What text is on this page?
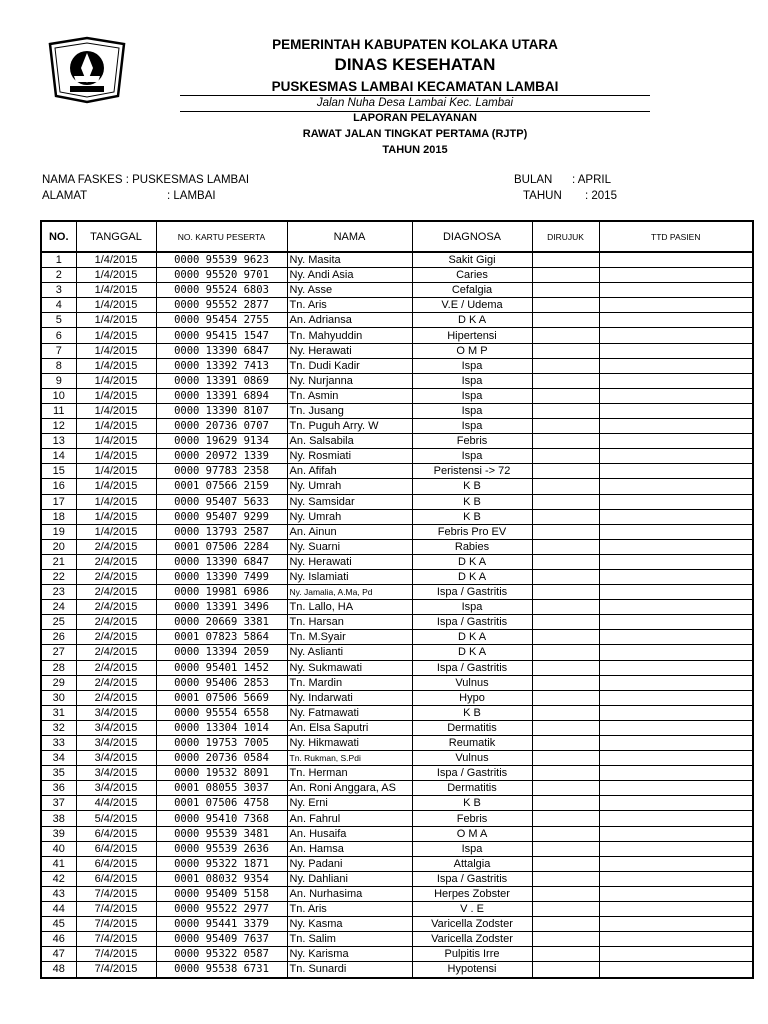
PEMERINTAH KABUPATEN KOLAKA UTARA
DINAS KESEHATAN
PUSKESMAS LAMBAI KECAMATAN LAMBAI
Jalan Nuha Desa Lambai Kec. Lambai
LAPORAN PELAYANAN
RAWAT JALAN TINGKAT PERTAMA (RJTP)
TAHUN 2015
NAMA FASKES : PUSKESMAS LAMBAI
ALAMAT	: LAMBAI
BULAN : APRIL
TAHUN : 2015
NO.	TANGGAL	NO. KARTU PESERTA	NAMA	DIAGNOSA	DIRUJUK	TTD PASIEN
1	1/4/2015	0000 95539 9623	Ny. Masita	Sakit Gigi		
2	1/4/2015	0000 95520 9701	Ny. Andi Asia	Caries		
3	1/4/2015	0000 95524 6803	Ny. Asse	Cefalgia		
4	1/4/2015	0000 95552 2877	Tn. Aris	V.E / Udema		
5	1/4/2015	0000 95454 2755	An. Adriansa	D K A		
6	1/4/2015	0000 95415 1547	Tn. Mahyuddin	Hipertensi		
7	1/4/2015	0000 13390 6847	Ny. Herawati	O M P		
8	1/4/2015	0000 13392 7413	Tn. Dudi Kadir	Ispa		
9	1/4/2015	0000 13391 0869	Ny. Nurjanna	Ispa		
10	1/4/2015	0000 13391 6894	Tn. Asmin	Ispa		
11	1/4/2015	0000 13390 8107	Tn. Jusang	Ispa		
12	1/4/2015	0000 20736 0707	Tn. Puguh Arry. W	Ispa		
13	1/4/2015	0000 19629 9134	An. Salsabila	Febris		
14	1/4/2015	0000 20972 1339	Ny. Rosmiati	Ispa		
15	1/4/2015	0000 97783 2358	An. Afifah	Peristensi -> 72		
16	1/4/2015	0001 07566 2159	Ny. Umrah	K B		
17	1/4/2015	0000 95407 5633	Ny. Samsidar	K B		
18	1/4/2015	0000 95407 9299	Ny. Umrah	K B		
19	1/4/2015	0000 13793 2587	An. Ainun	Febris Pro EV		
20	2/4/2015	0001 07506 2284	Ny. Suarni	Rabies		
21	2/4/2015	0000 13390 6847	Ny. Herawati	D K A		
22	2/4/2015	0000 13390 7499	Ny. Islamiati	D K A		
23	2/4/2015	0000 19981 6986	Ny. Jamalia, A.Ma, Pd	Ispa / Gastritis		
24	2/4/2015	0000 13391 3496	Tn. Lallo, HA	Ispa		
25	2/4/2015	0000 20669 3381	Tn. Harsan	Ispa / Gastritis		
26	2/4/2015	0001 07823 5864	Tn. M.Syair	D K A		
27	2/4/2015	0000 13394 2059	Ny. Aslianti	D K A		
28	2/4/2015	0000 95401 1452	Ny. Sukmawati	Ispa / Gastritis		
29	2/4/2015	0000 95406 2853	Tn. Mardin	Vulnus		
30	2/4/2015	0001 07506 5669	Ny. Indarwati	Hypo		
31	3/4/2015	0000 95554 6558	Ny. Fatmawati	K B		
32	3/4/2015	0000 13304 1014	An. Elsa Saputri	Dermatitis		
33	3/4/2015	0000 19753 7005	Ny. Hikmawati	Reumatik		
34	3/4/2015	0000 20736 0584	Tn. Rukman, S.Pdi	Vulnus		
35	3/4/2015	0000 19532 8091	Tn. Herman	Ispa / Gastritis		
36	3/4/2015	0001 08055 3037	An. Roni Anggara, AS	Dermatitis		
37	4/4/2015	0001 07506 4758	Ny. Erni	K B		
38	5/4/2015	0000 95410 7368	An. Fahrul	Febris		
39	6/4/2015	0000 95539 3481	An. Husaifa	O M A		
40	6/4/2015	0000 95539 2636	An. Hamsa	Ispa		
41	6/4/2015	0000 95322 1871	Ny. Padani	Attalgia		
42	6/4/2015	0001 08032 9354	Ny. Dahliani	Ispa / Gastritis		
43	7/4/2015	0000 95409 5158	An. Nurhasima	Herpes Zobster		
44	7/4/2015	0000 95522 2977	Tn. Aris	V . E		
45	7/4/2015	0000 95441 3379	Ny. Kasma	Varicella Zodster		
46	7/4/2015	0000 95409 7637	Tn. Salim	Varicella Zodster		
47	7/4/2015	0000 95322 0587	Ny. Karisma	Pulpitis Irre		
48	7/4/2015	0000 95538 6731	Tn. Sunardi	Hypotensi		
